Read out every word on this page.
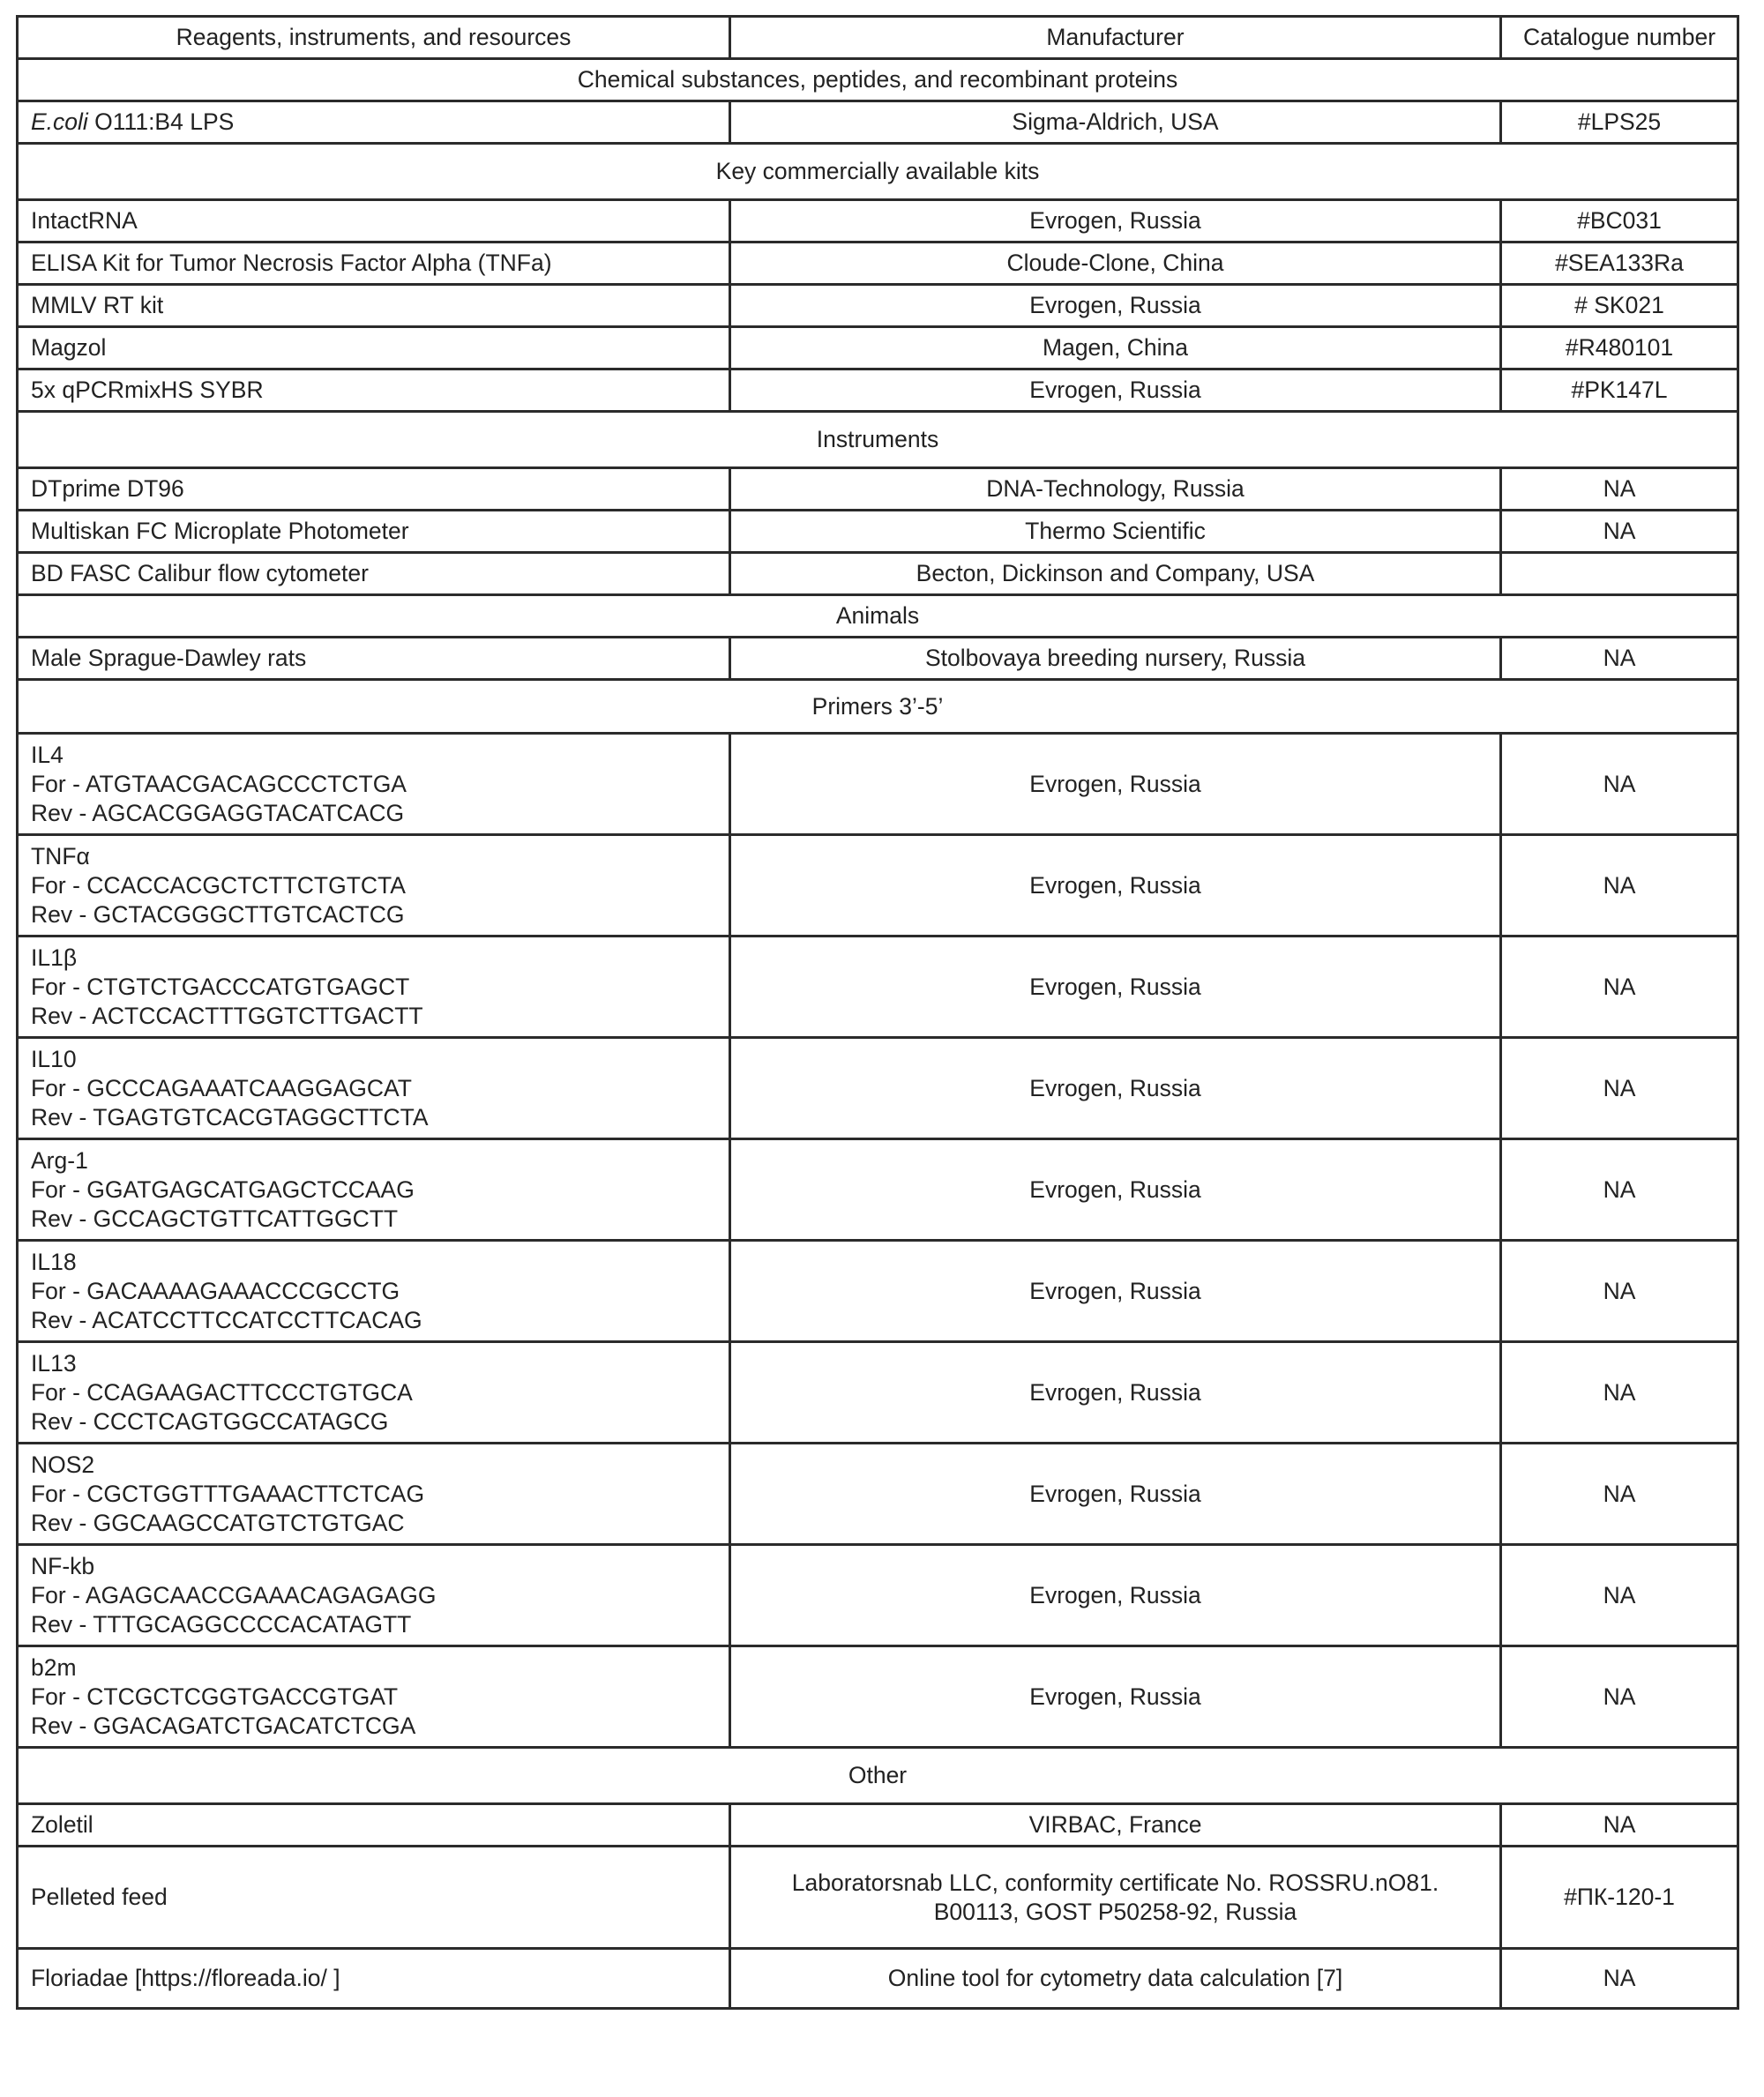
Reagents, instruments, and resources	Manufacturer	Catalogue number
Chemical substances, peptides, and recombinant proteins		
E.coli O111:B4 LPS	Sigma-Aldrich, USA	#LPS25
Key commercially available kits		
IntactRNA	Evrogen, Russia	#BC031
ELISA Kit for Tumor Necrosis Factor Alpha (TNFa)	Cloude-Clone, China	#SEA133Ra
MMLV RT kit	Evrogen, Russia	# SK021
Magzol	Magen, China	#R480101
5x qPCRmixHS SYBR	Evrogen, Russia	#PK147L
Instruments		
DTprime DT96	DNA-Technology, Russia	NA
Multiskan FC Microplate Photometer	Thermo Scientific	NA
BD FASC Calibur flow cytometer	Becton, Dickinson and Company, USA	
Animals		
Male Sprague-Dawley rats	Stolbovaya breeding nursery, Russia	NA
Primers 3’-5’		

IL4
For - ATGTAACGACAGCCCTCTGA
Rev - AGCACGGAGGTACATCACG	Evrogen, Russia	NA

TNFα
For - CCACCACGCTCTTCTGTCTA
Rev - GCTACGGGCTTGTCACTCG	Evrogen, Russia	NA

IL1β
For - CTGTCTGACCCATGTGAGCT
Rev - ACTCCACTTTGGTCTTGACTT	Evrogen, Russia	NA

IL10
For - GCCCAGAAATCAAGGAGCAT
Rev - TGAGTGTCACGTAGGCTTCTA	Evrogen, Russia	NA

Arg-1
For - GGATGAGCATGAGCTCCAAG
Rev - GCCAGCTGTTCATTGGCTT	Evrogen, Russia	NA

IL18
For - GACAAAAGAAACCCGCCTG
Rev - ACATCCTTCCATCCTTCACAG	Evrogen, Russia	NA

IL13
For - CCAGAAGACTTCCCTGTGCA
Rev - CCCTCAGTGGCCATAGCG	Evrogen, Russia	NA

NOS2
For - CGCTGGTTTGAAACTTCTCAG
Rev - GGCAAGCCATGTCTGTGAC	Evrogen, Russia	NA

NF-kb
For - AGAGCAACCGAAACAGAGAGG
Rev - TTTGCAGGCCCCACATAGTT	Evrogen, Russia	NA

b2m
For - CTCGCTCGGTGACCGTGAT
Rev - GGACAGATCTGACATCTCGA	Evrogen, Russia	NA
Other		
Zoletil	VIRBAC, France	NA
Pelleted feed	Laboratorsnab LLC, conformity certificate No. ROSSRU.nO81.
B00113, GOST P50258-92, Russia	#ПК-120-1
Floriadae [https://floreada.io/ ]	Online tool for cytometry data calculation [7]	NA
